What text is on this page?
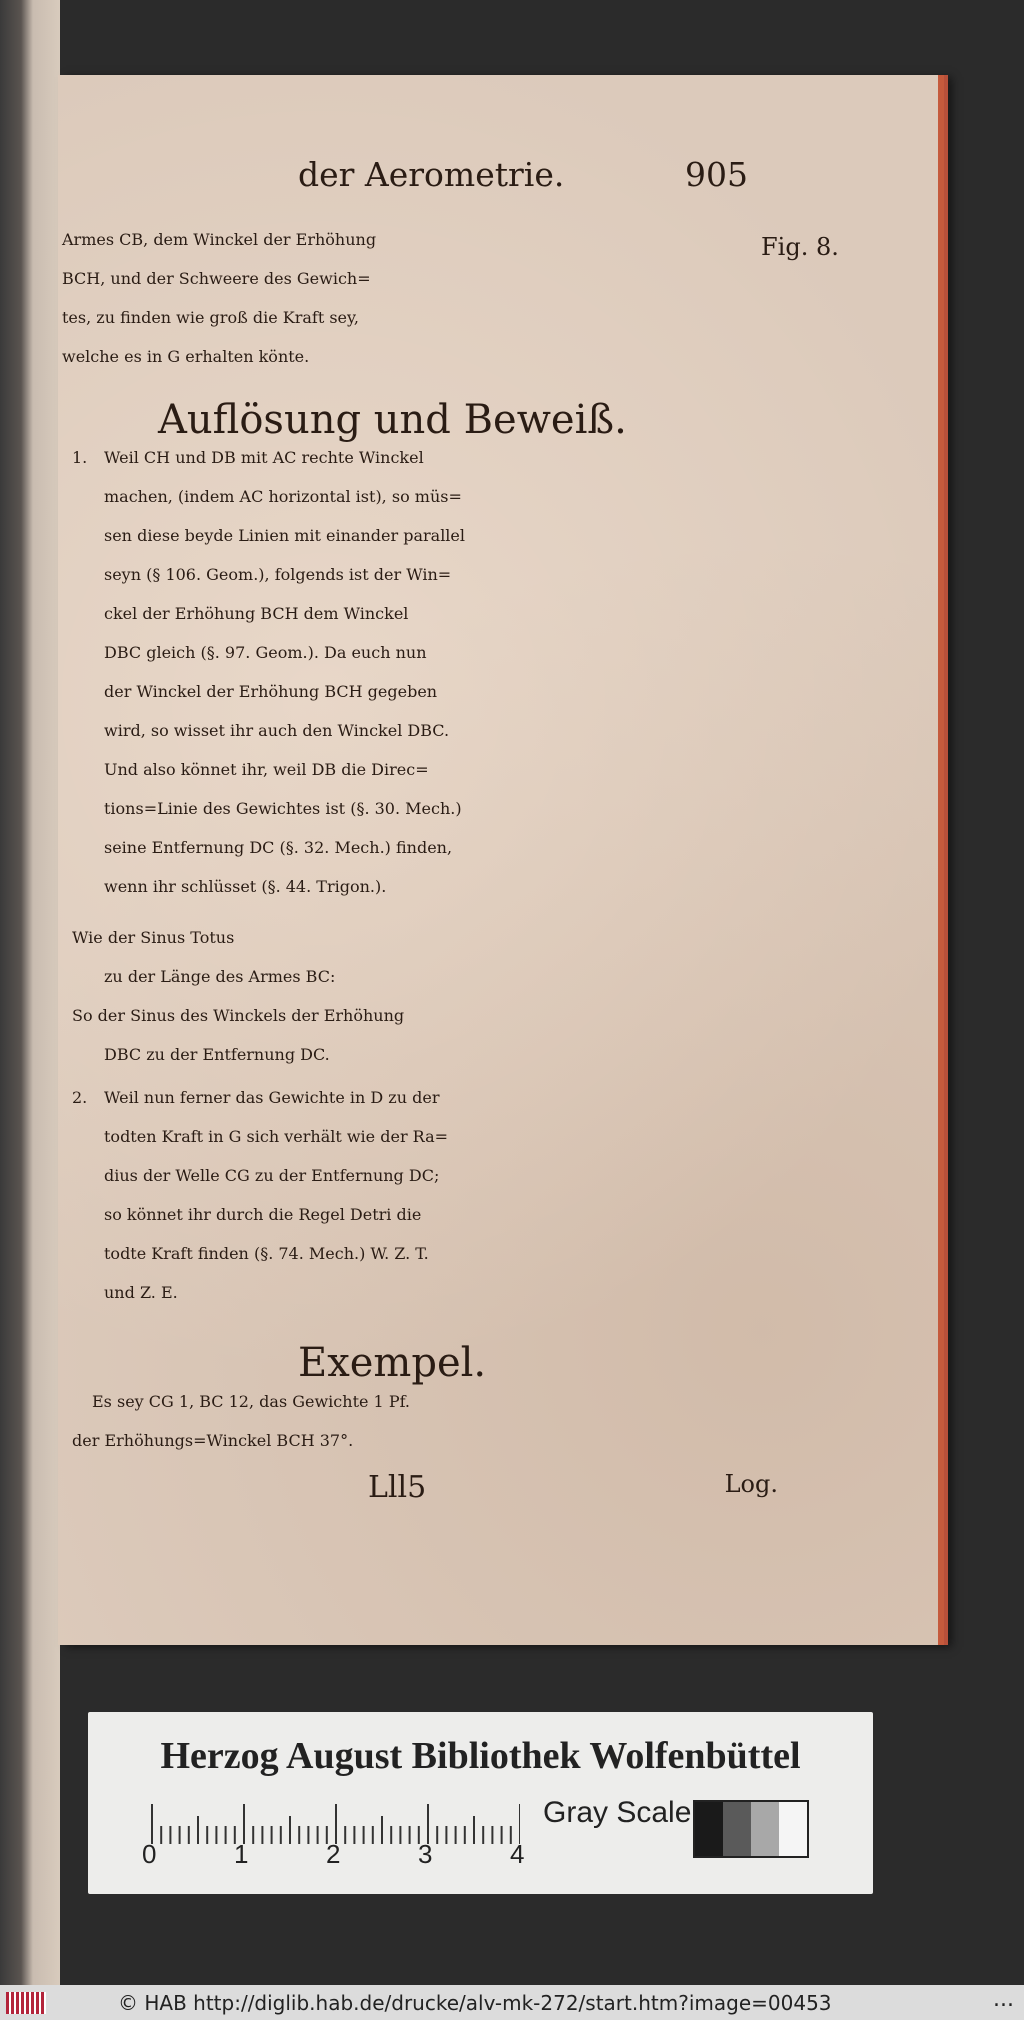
der Aerometrie.	905
Fig. 8.
Armes CB, dem Winckel der Erhöhung
BCH, und der Schweere des Gewich=
tes, zu finden wie groß die Kraft sey,
welche es in G erhalten könte.
Auflösung und Beweiß.
1. Weil CH und DB mit AC rechte Winckel
machen, (indem AC horizontal ist), so müs=
sen diese beyde Linien mit einander parallel
seyn (§ 106. Geom.), folgends ist der Win=
ckel der Erhöhung BCH dem Winckel
DBC gleich (§. 97. Geom.). Da euch nun
der Winckel der Erhöhung BCH gegeben
wird, so wisset ihr auch den Winckel DBC.
Und also könnet ihr, weil DB die Direc=
tions=Linie des Gewichtes ist (§. 30. Mech.)
seine Entfernung DC (§. 32. Mech.) finden,
wenn ihr schlüsset (§. 44. Trigon.).
Wie der Sinus Totus
zu der Länge des Armes BC:
So der Sinus des Winckels der Erhöhung
DBC zu der Entfernung DC.
2. Weil nun ferner das Gewichte in D zu der
todten Kraft in G sich verhält wie der Ra=
dius der Welle CG zu der Entfernung DC;
so könnet ihr durch die Regel Detri die
todte Kraft finden (§. 74. Mech.) W. Z. T.
und Z. E.
Exempel.
Es sey CG 1, BC 12, das Gewichte 1 Pf.
der Erhöhungs=Winckel BCH 37°.
Lll5	Log.
Herzog August Bibliothek Wolfenbüttel
0	1	2	3	4
Gray Scale
© HAB http://diglib.hab.de/drucke/alv-mk-272/start.htm?image=00453	...
